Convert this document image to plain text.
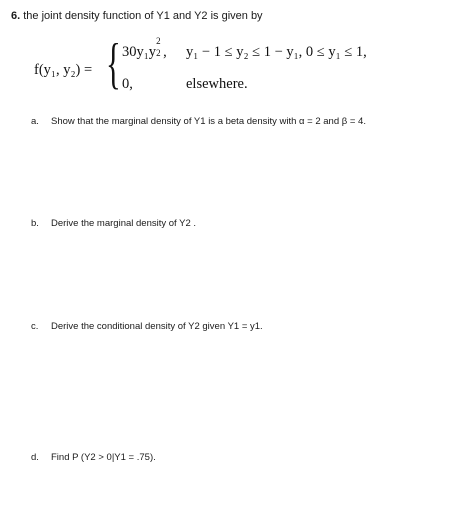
6. the joint density function of Y1 and Y2 is given by
f(y₁, y₂) = { 30y₁y
2
2 , y₁ − 1 ≤ y₂ ≤ 1 − y₁, 0 ≤ y₁ ≤ 1,
0,	elsewhere.
a. Show that the marginal density of Y1 is a beta density with α = 2 and β = 4.
b. Derive the marginal density of Y2 .
c. Derive the conditional density of Y2 given Y1 = y1.
d. Find P (Y2 > 0|Y1 = .75).
